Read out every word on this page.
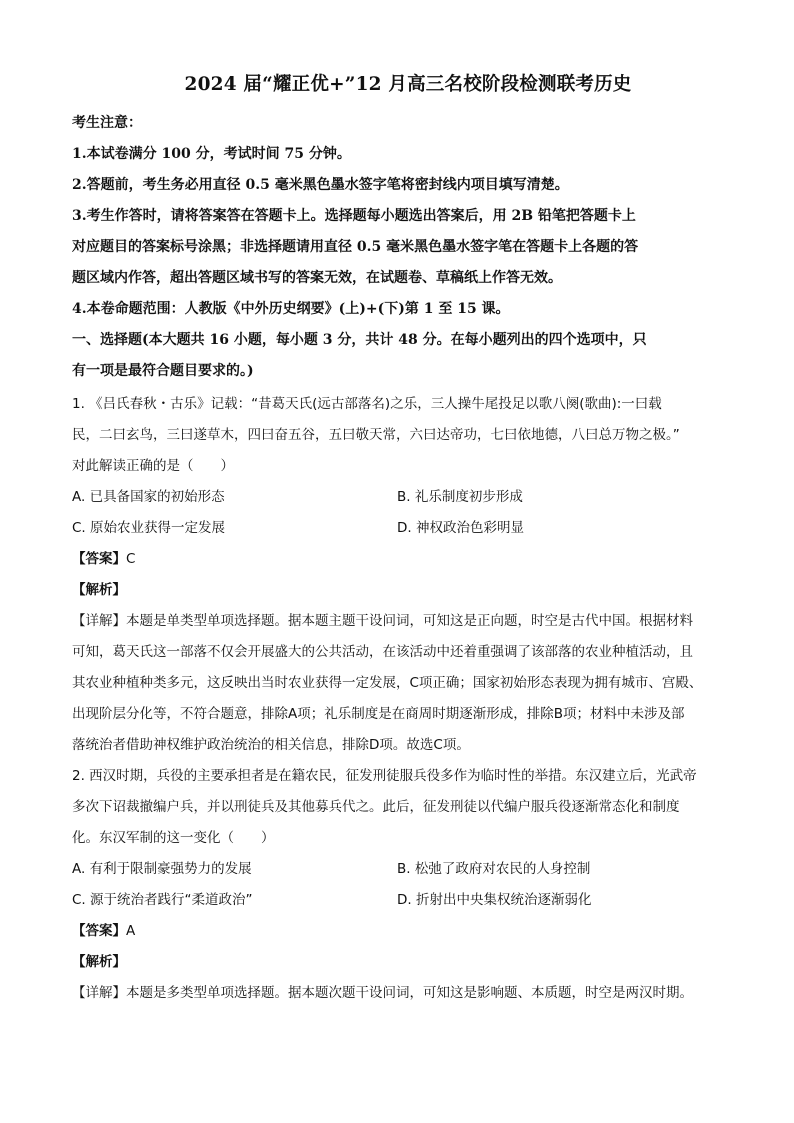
2024 届“耀正优+”12 月高三名校阶段检测联考历史

考生注意：

1.本试卷满分 100 分，考试时间 75 分钟。

2.答题前，考生务必用直径 0.5 毫米黑色墨水签字笔将密封线内项目填写清楚。

3.考生作答时，请将答案答在答题卡上。选择题每小题选出答案后，用 2B 铅笔把答题卡上

对应题目的答案标号涂黑；非选择题请用直径 0.5 毫米黑色墨水签字笔在答题卡上各题的答

题区域内作答，超出答题区域书写的答案无效，在试题卷、草稿纸上作答无效。

4.本卷命题范围：人教版《中外历史纲要》(上)+(下)第 1 至 15 课。

一、选择题(本大题共 16 小题，每小题 3 分，共计 48 分。在每小题列出的四个选项中，只

有一项是最符合题目要求的。)

1. 《吕氏春秋・古乐》记载：“昔葛天氏(远古部落名)之乐，三人操牛尾投足以歌八阕(歌曲):一曰载

民，二曰玄鸟，三曰遂草木，四曰奋五谷，五曰敬天常，六曰达帝功，七曰依地德，八曰总万物之极。”

对此解读正确的是（　　）

A. 已具备国家的初始形态	B. 礼乐制度初步形成
C. 原始农业获得一定发展	D. 神权政治色彩明显

【答案】C

【解析】

【详解】本题是单类型单项选择题。据本题主题干设问词，可知这是正向题，时空是古代中国。根据材料

可知，葛天氏这一部落不仅会开展盛大的公共活动，在该活动中还着重强调了该部落的农业种植活动，且

其农业种植种类多元，这反映出当时农业获得一定发展，C项正确；国家初始形态表现为拥有城市、宫殿、

出现阶层分化等，不符合题意，排除A项；礼乐制度是在商周时期逐渐形成，排除B项；材料中未涉及部

落统治者借助神权维护政治统治的相关信息，排除D项。故选C项。

2. 西汉时期，兵役的主要承担者是在籍农民，征发刑徒服兵役多作为临时性的举措。东汉建立后，光武帝

多次下诏裁撤编户兵，并以刑徒兵及其他募兵代之。此后，征发刑徒以代编户服兵役逐渐常态化和制度

化。东汉军制的这一变化（　　）

A. 有利于限制豪强势力的发展	B. 松弛了政府对农民的人身控制
C. 源于统治者践行“柔道政治”	D. 折射出中央集权统治逐渐弱化

【答案】A

【解析】

【详解】本题是多类型单项选择题。据本题次题干设问词，可知这是影响题、本质题，时空是两汉时期。
